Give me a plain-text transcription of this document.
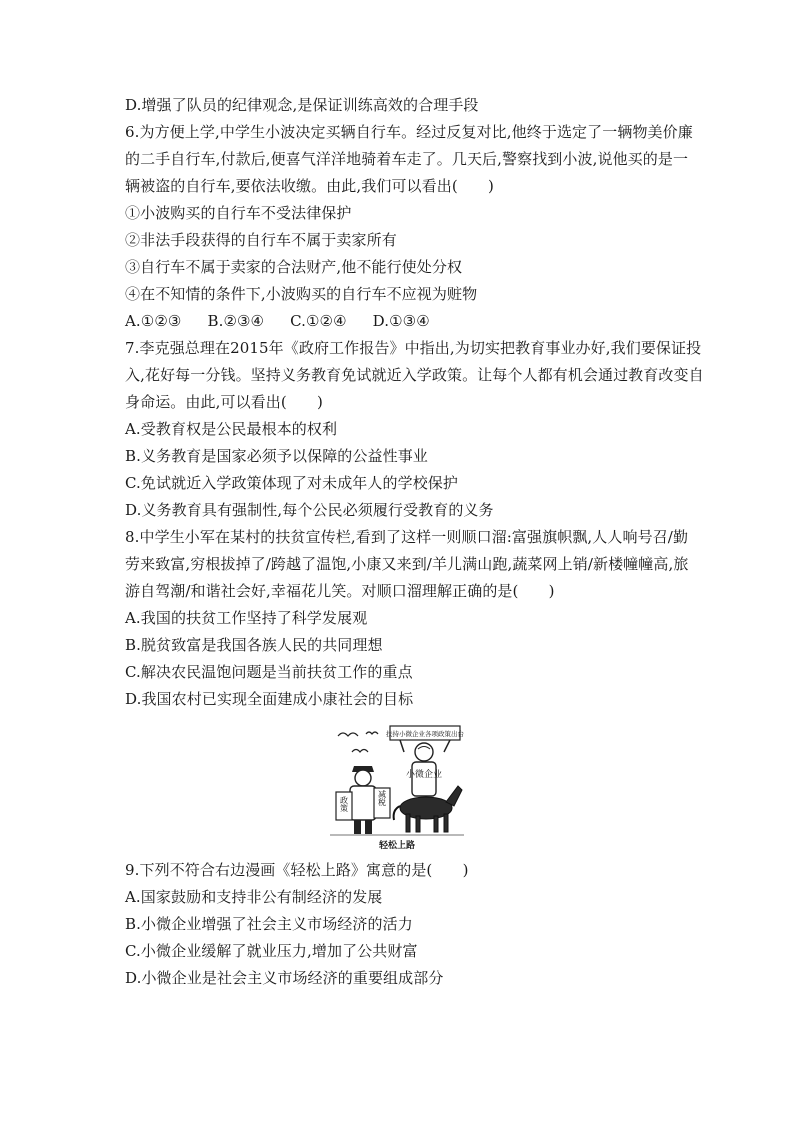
D.增强了队员的纪律观念,是保证训练高效的合理手段
6.为方便上学,中学生小波决定买辆自行车。经过反复对比,他终于选定了一辆物美价廉
的二手自行车,付款后,便喜气洋洋地骑着车走了。几天后,警察找到小波,说他买的是一
辆被盗的自行车,要依法收缴。由此,我们可以看出(　　)
①小波购买的自行车不受法律保护
②非法手段获得的自行车不属于卖家所有
③自行车不属于卖家的合法财产,他不能行使处分权
④在不知情的条件下,小波购买的自行车不应视为赃物
A.①②③ B.②③④ C.①②④ D.①③④
7.李克强总理在2015年《政府工作报告》中指出,为切实把教育事业办好,我们要保证投
入,花好每一分钱。坚持义务教育免试就近入学政策。让每个人都有机会通过教育改变自
身命运。由此,可以看出(　　)
A.受教育权是公民最根本的权利
B.义务教育是国家必须予以保障的公益性事业
C.免试就近入学政策体现了对未成年人的学校保护
D.义务教育具有强制性,每个公民必须履行受教育的义务
8.中学生小军在某村的扶贫宣传栏,看到了这样一则顺口溜:富强旗帜飘,人人响号召/勤
劳来致富,穷根拔掉了/跨越了温饱,小康又来到/羊儿满山跑,蔬菜网上销/新楼幢幢高,旅
游自驾潮/和谐社会好,幸福花儿笑。对顺口溜理解正确的是(　　)
A.我国的扶贫工作坚持了科学发展观
B.脱贫致富是我国各族人民的共同理想
C.解决农民温饱问题是当前扶贫工作的重点
D.我国农村已实现全面建成小康社会的目标
扶持小微企业各项政策出台
小微企业
政策	减税
轻松上路
9.下列不符合右边漫画《轻松上路》寓意的是(　　)
A.国家鼓励和支持非公有制经济的发展
B.小微企业增强了社会主义市场经济的活力
C.小微企业缓解了就业压力,增加了公共财富
D.小微企业是社会主义市场经济的重要组成部分
